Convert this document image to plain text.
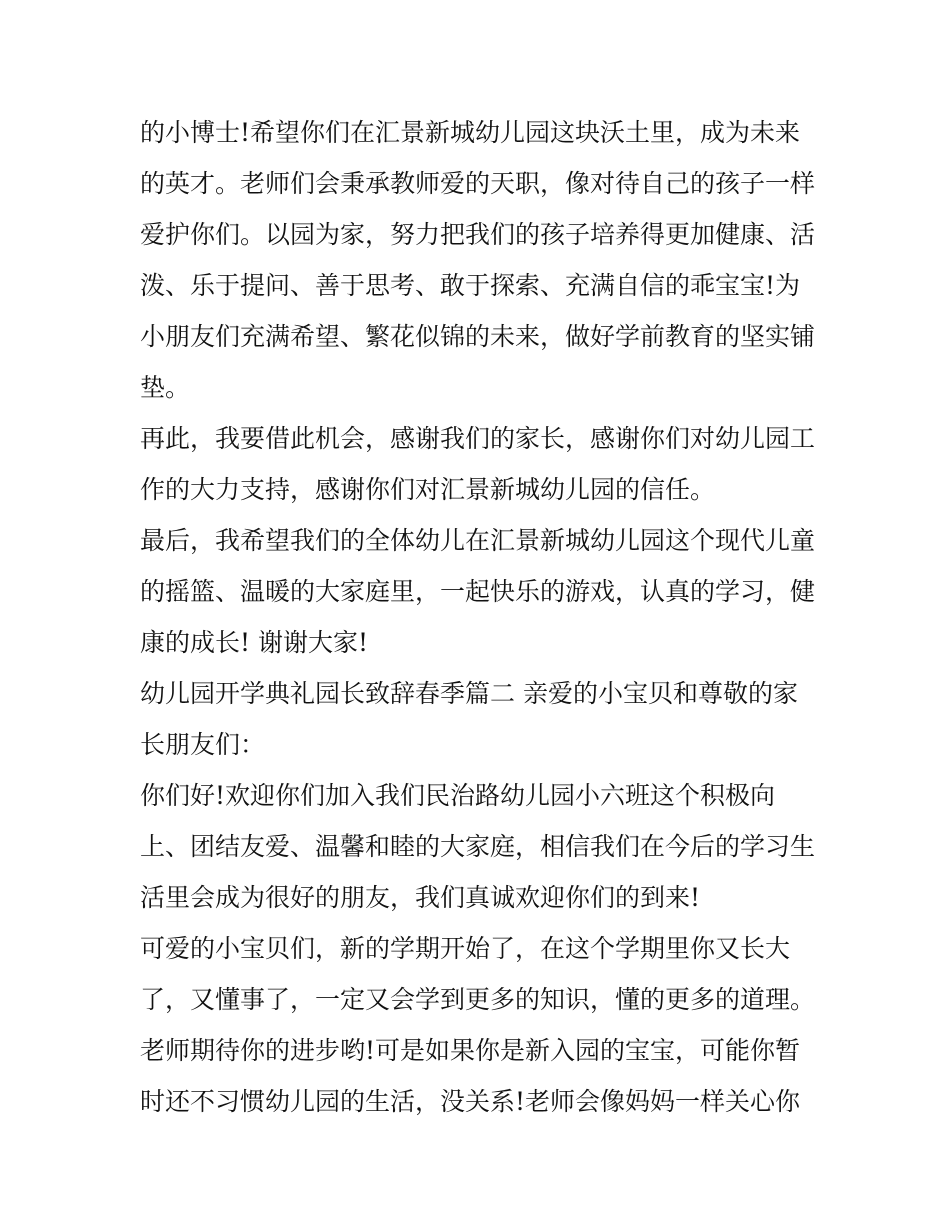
的小博士!希望你们在汇景新城幼儿园这块沃土里，成为未来
的英才。老师们会秉承教师爱的天职，像对待自己的孩子一样
爱护你们。以园为家，努力把我们的孩子培养得更加健康、活
泼、乐于提问、善于思考、敢于探索、充满自信的乖宝宝!为
小朋友们充满希望、繁花似锦的未来，做好学前教育的坚实铺
垫。
再此，我要借此机会，感谢我们的家长，感谢你们对幼儿园工
作的大力支持，感谢你们对汇景新城幼儿园的信任。
最后，我希望我们的全体幼儿在汇景新城幼儿园这个现代儿童
的摇篮、温暖的大家庭里，一起快乐的游戏，认真的学习，健
康的成长! 谢谢大家!
幼儿园开学典礼园长致辞春季篇二 亲爱的小宝贝和尊敬的家
长朋友们：
你们好!欢迎你们加入我们民治路幼儿园小六班这个积极向
上、团结友爱、温馨和睦的大家庭，相信我们在今后的学习生
活里会成为很好的朋友，我们真诚欢迎你们的到来!
可爱的小宝贝们，新的学期开始了，在这个学期里你又长大
了，又懂事了，一定又会学到更多的知识，懂的更多的道理。
老师期待你的进步哟!可是如果你是新入园的宝宝，可能你暂
时还不习惯幼儿园的生活，没关系!老师会像妈妈一样关心你
